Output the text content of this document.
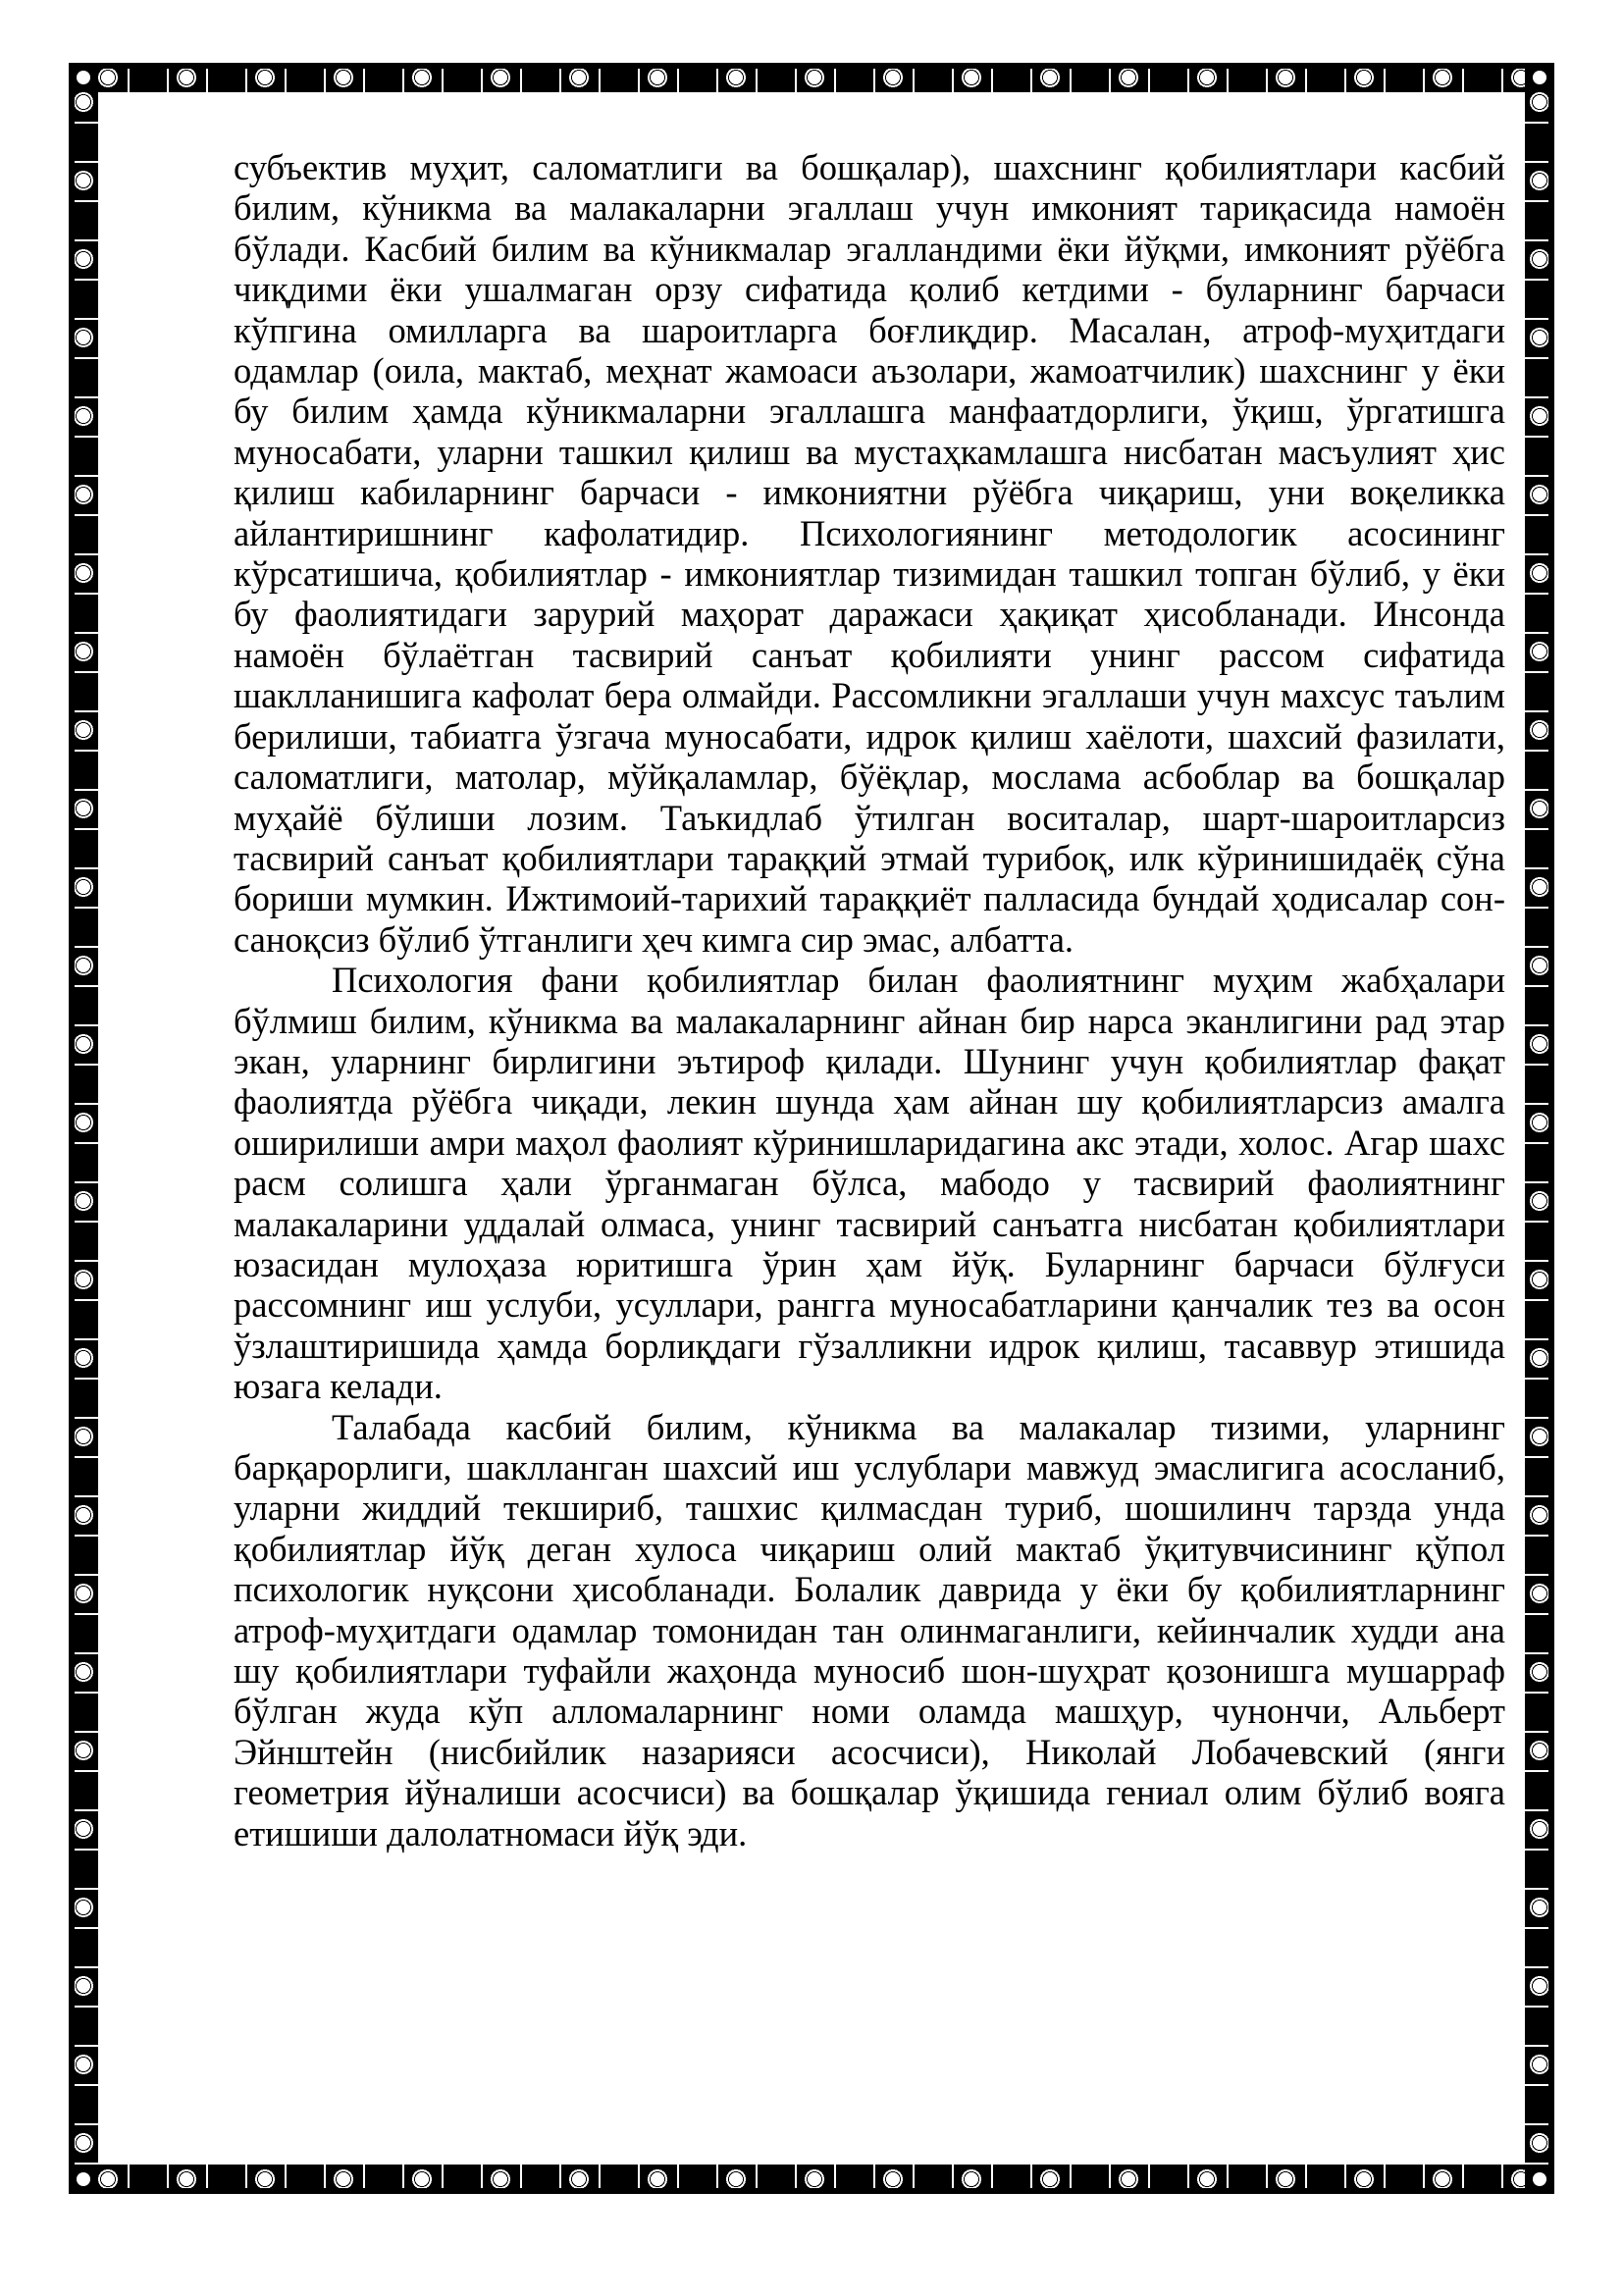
субъектив муҳит, саломатлиги ва бошқалар), шахснинг қобилиятлари касбий билим, кўникма ва малакаларни эгаллаш учун имконият тариқасида намоён бўлади. Касбий билим ва кўникмалар эгалландими ёки йўқми, имконият рўёбга чиқдими ёки ушалмаган орзу сифатида қолиб кетдими - буларнинг барчаси кўпгина омилларга ва шароитларга боғлиқдир. Масалан, атроф-муҳитдаги одамлар (оила, мактаб, меҳнат жамоаси аъзолари, жамоатчилик) шахснинг у ёки бу билим ҳамда кўникмаларни эгаллашга манфаатдорлиги, ўқиш, ўргатишга муносабати, уларни ташкил қилиш ва мустаҳкамлашга нисбатан масъулият ҳис қилиш кабиларнинг барчаси - имкониятни рўёбга чиқариш, уни воқеликка айлантиришнинг кафолатидир. Психологиянинг методологик асосининг кўрсатишича, қобилиятлар - имкониятлар тизимидан ташкил топган бўлиб, у ёки бу фаолиятидаги зарурий маҳорат даражаси ҳақиқат ҳисобланади. Инсонда намоён бўлаётган тасвирий санъат қобилияти унинг рассом сифатида шаклланишига кафолат бера олмайди. Рассомликни эгаллаши учун махсус таълим берилиши, табиатга ўзгача муносабати, идрок қилиш хаёлоти, шахсий фазилати, саломатлиги, матолар, мўйқаламлар, бўёқлар, мослама асбоблар ва бошқалар муҳайё бўлиши лозим. Таъкидлаб ўтилган воситалар, шарт-шароитларсиз тасвирий санъат қобилиятлари тараққий этмай турибоқ, илк кўринишидаёқ сўна бориши мумкин. Ижтимоий-тарихий тараққиёт палласида бундай ҳодисалар сон-саноқсиз бўлиб ўтганлиги ҳеч кимга сир эмас, албатта.

Психология фани қобилиятлар билан фаолиятнинг муҳим жабҳалари бўлмиш билим, кўникма ва малакаларнинг айнан бир нарса эканлигини рад этар экан, уларнинг бирлигини эътироф қилади. Шунинг учун қобилиятлар фақат фаолиятда рўёбга чиқади, лекин шунда ҳам айнан шу қобилиятларсиз амалга оширилиши амри маҳол фаолият кўринишларидагина акс этади, холос. Агар шахс расм солишга ҳали ўрганмаган бўлса, мабодо у тасвирий фаолиятнинг малакаларини уддалай олмаса, унинг тасвирий санъатга нисбатан қобилиятлари юзасидан мулоҳаза юритишга ўрин ҳам йўқ. Буларнинг барчаси бўлғуси рассомнинг иш услуби, усуллари, рангга муносабатларини қанчалик тез ва осон ўзлаштиришида ҳамда борлиқдаги гўзалликни идрок қилиш, тасаввур этишида юзага келади.

Талабада касбий билим, кўникма ва малакалар тизими, уларнинг барқарорлиги, шаклланган шахсий иш услублари мавжуд эмаслигига асосланиб, уларни жиддий текшириб, ташхис қилмасдан туриб, шошилинч тарзда унда қобилиятлар йўқ деган хулоса чиқариш олий мактаб ўқитувчисининг қўпол психологик нуқсони ҳисобланади. Болалик даврида у ёки бу қобилиятларнинг атроф-муҳитдаги одамлар томонидан тан олинмаганлиги, кейинчалик худди ана шу қобилиятлари туфайли жаҳонда муносиб шон-шуҳрат қозонишга мушарраф бўлган жуда кўп алломаларнинг номи оламда машҳур, чунончи, Альберт Эйнштейн (нисбийлик назарияси асосчиси), Николай Лобачевский (янги геометрия йўналиши асосчиси) ва бошқалар ўқишида гениал олим бўлиб вояга етишиши далолатномаси йўқ эди.
